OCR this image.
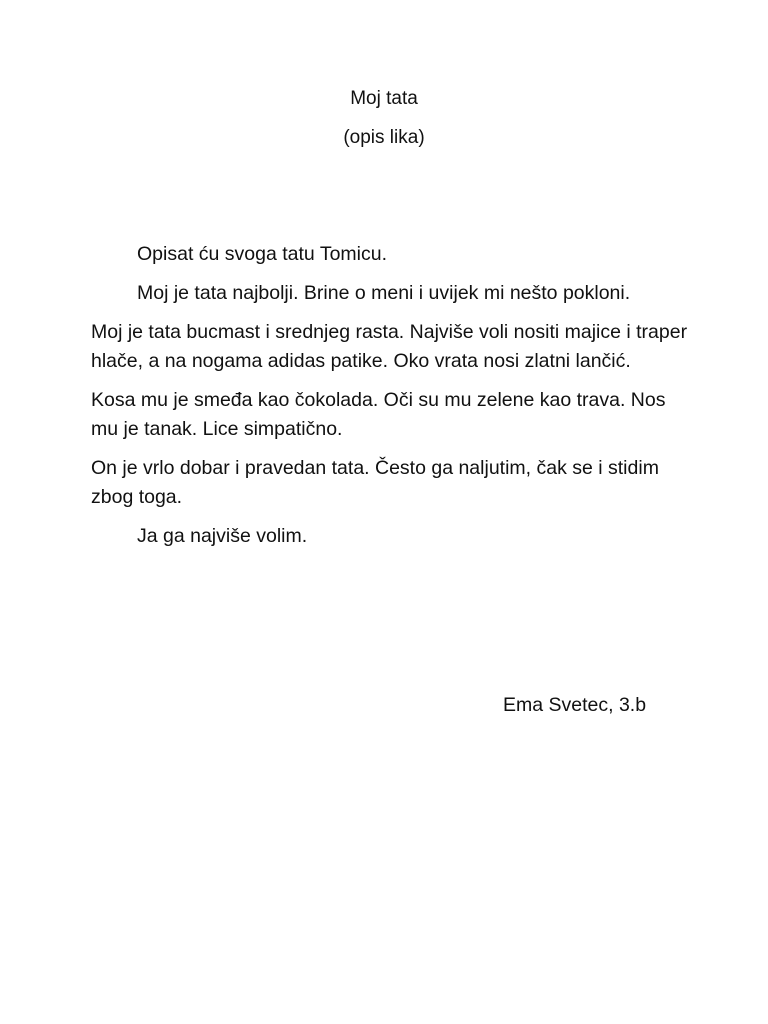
Moj tata
(opis lika)

Opisat ću svoga tatu Tomicu.

Moj je tata najbolji. Brine o meni i uvijek mi nešto pokloni.

Moj je tata bucmast i srednjeg rasta. Najviše voli nositi majice i traper hlače, a na nogama adidas patike. Oko vrata nosi zlatni lančić.

Kosa mu je smeđa kao čokolada. Oči su mu zelene kao trava. Nos mu je tanak. Lice simpatično.

On je vrlo dobar i pravedan tata. Često ga naljutim, čak se i stidim zbog toga.

Ja ga najviše volim.

Ema Svetec, 3.b
